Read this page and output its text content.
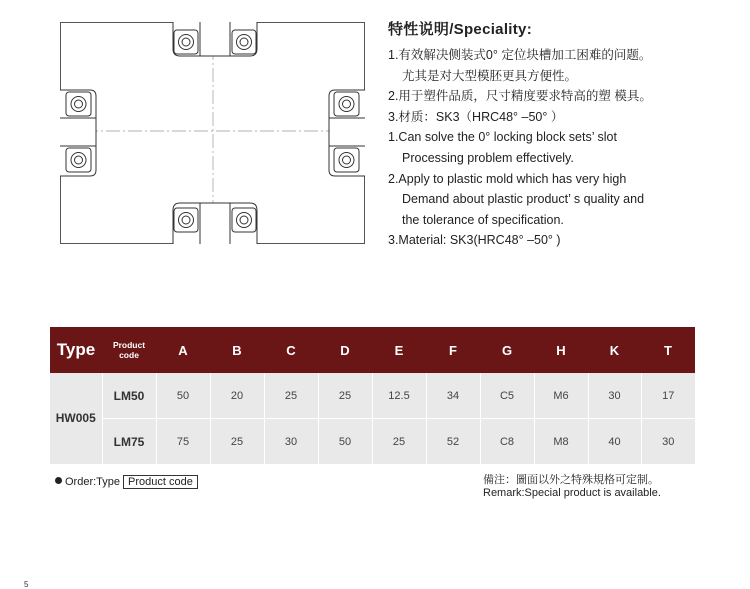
特性说明/Speciality:
1.有效解决侧装式0° 定位块槽加工困难的问题。
尤其是对大型模胚更具方便性。
2.用于塑件品质，尺寸精度要求特高的塑 模具。
3.材质：SK3（HRC48° –50° ）
1.Can solve the 0° locking block sets’ slot
Processing problem effectively.
2.Apply to plastic mold which has very high
Demand about plastic product’ s quality and
the tolerance of specification.
3.Material: SK3(HRC48° –50° )
Type	Product code	A	B	C	D	E	F	G	H	K	T
HW005	LM50	50	20	25	25	12.5	34	C5	M6	30	17
	LM75	75	25	30	50	25	52	C8	M8	40	30
Order:Type Product code	備注：圖面以外之特殊規格可定制。
Remark:Special product is available.
5
